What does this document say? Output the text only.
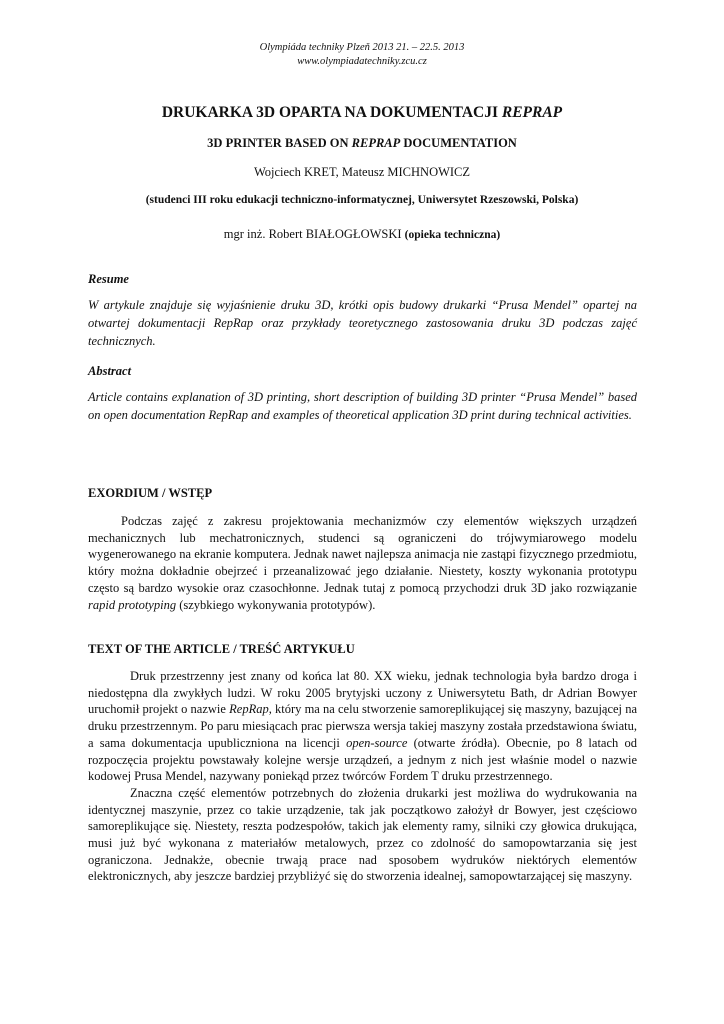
Olympiáda techniky Plzeň 2013 21. – 22.5. 2013
www.olympiadatechniky.zcu.cz
DRUKARKA 3D OPARTA NA DOKUMENTACJI REPRAP
3D PRINTER BASED ON REPRAP DOCUMENTATION
Wojciech KRET, Mateusz MICHNOWICZ
(studenci III roku edukacji techniczno-informatycznej, Uniwersytet Rzeszowski, Polska)
mgr inż. Robert BIAŁOGŁOWSKI (opieka techniczna)
Resume
W artykule znajduje się wyjaśnienie druku 3D, krótki opis budowy drukarki “Prusa Mendel” opartej na otwartej dokumentacji RepRap oraz przykłady teoretycznego zastosowania druku 3D podczas zajęć technicznych.
Abstract
Article contains explanation of 3D printing, short description of building 3D printer “Prusa Mendel” based on open documentation RepRap and examples of theoretical application 3D print during technical activities.
EXORDIUM / WSTĘP

Podczas zajęć z zakresu projektowania mechanizmów czy elementów większych urządzeń mechanicznych lub mechatronicznych, studenci są ograniczeni do trójwymiarowego modelu wygenerowanego na ekranie komputera. Jednak nawet najlepsza animacja nie zastąpi fizycznego przedmiotu, który można dokładnie obejrzeć i przeanalizować jego działanie. Niestety, koszty wykonania prototypu często są bardzo wysokie oraz czasochłonne. Jednak tutaj z pomocą przychodzi druk 3D jako rozwiązanie rapid prototyping (szybkiego wykonywania prototypów).

TEXT OF THE ARTICLE / TREŚĆ ARTYKUŁU

Druk przestrzenny jest znany od końca lat 80. XX wieku, jednak technologia była bardzo droga i niedostępna dla zwykłych ludzi. W roku 2005 brytyjski uczony z Uniwersytetu Bath, dr Adrian Bowyer uruchomił projekt o nazwie RepRap, który ma na celu stworzenie samoreplikującej się maszyny, bazującej na druku przestrzennym. Po paru miesiącach prac pierwsza wersja takiej maszyny została przedstawiona światu, a sama dokumentacja upubliczniona na licencji open-source (otwarte źródła). Obecnie, po 8 latach od rozpoczęcia projektu powstawały kolejne wersje urządzeń, a jednym z nich jest właśnie model o nazwie kodowej Prusa Mendel, nazywany poniekąd przez twórców Fordem T druku przestrzennego.

Znaczna część elementów potrzebnych do złożenia drukarki jest możliwa do wydrukowania na identycznej maszynie, przez co takie urządzenie, tak jak początkowo założył dr Bowyer, jest częściowo samoreplikujące się. Niestety, reszta podzespołów, takich jak elementy ramy, silniki czy głowica drukująca, musi już być wykonana z materiałów metalowych, przez co zdolność do samopowtarzania się jest ograniczona. Jednakże, obecnie trwają prace nad sposobem wydruków niektórych elementów elektronicznych, aby jeszcze bardziej przybliżyć się do stworzenia idealnej, samopowtarzającej się maszyny.
